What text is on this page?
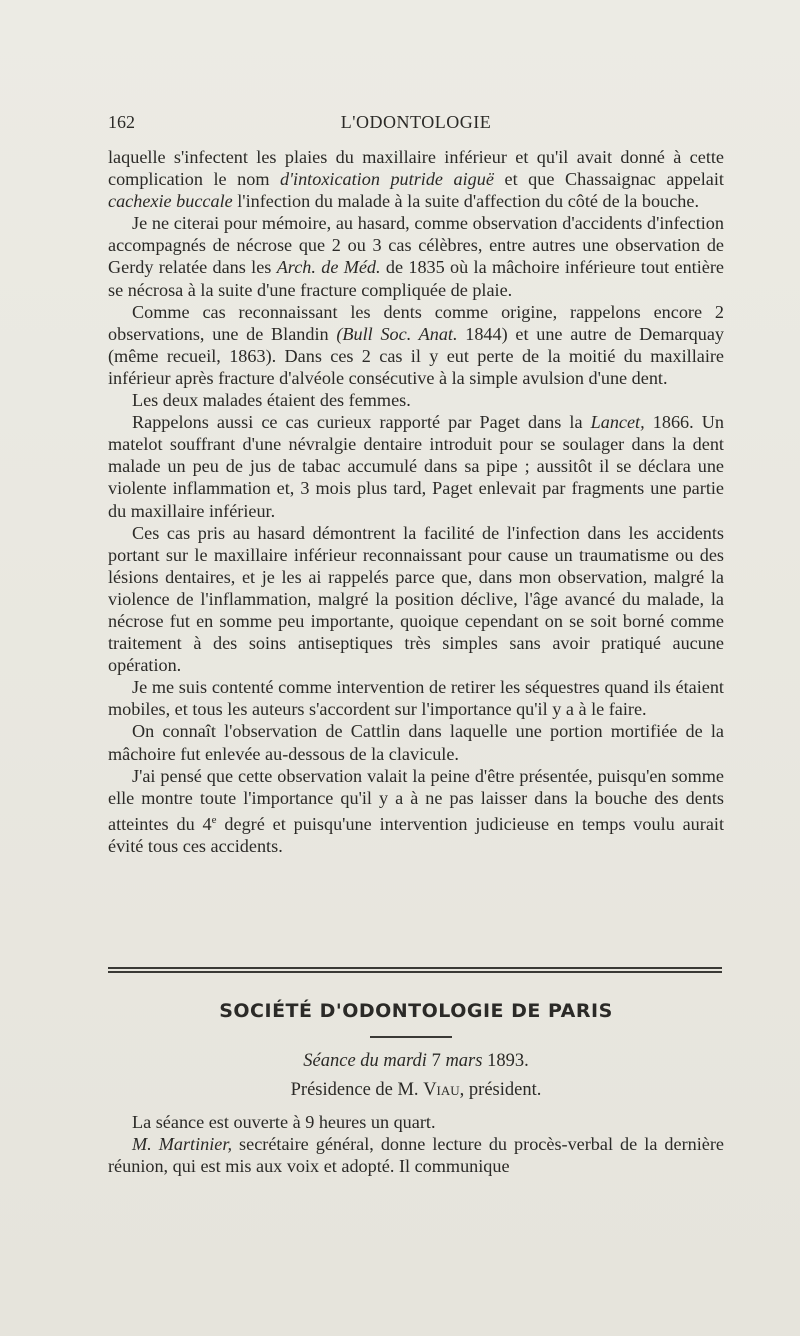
162	L'ODONTOLOGIE

laquelle s'infectent les plaies du maxillaire inférieur et qu'il avait donné à cette complication le nom d'intoxication putride aiguë et que Chassaignac appelait cachexie buccale l'infection du malade à la suite d'affection du côté de la bouche.

Je ne citerai pour mémoire, au hasard, comme observation d'accidents d'infection accompagnés de nécrose que 2 ou 3 cas célèbres, entre autres une observation de Gerdy relatée dans les Arch. de Méd. de 1835 où la mâchoire inférieure tout entière se nécrosa à la suite d'une fracture compliquée de plaie.

Comme cas reconnaissant les dents comme origine, rappelons encore 2 observations, une de Blandin (Bull Soc. Anat. 1844) et une autre de Demarquay (même recueil, 1863). Dans ces 2 cas il y eut perte de la moitié du maxillaire inférieur après fracture d'alvéole consécutive à la simple avulsion d'une dent.

Les deux malades étaient des femmes.

Rappelons aussi ce cas curieux rapporté par Paget dans la Lancet, 1866. Un matelot souffrant d'une névralgie dentaire introduit pour se soulager dans la dent malade un peu de jus de tabac accumulé dans sa pipe ; aussitôt il se déclara une violente inflammation et, 3 mois plus tard, Paget enlevait par fragments une partie du maxillaire inférieur.

Ces cas pris au hasard démontrent la facilité de l'infection dans les accidents portant sur le maxillaire inférieur reconnaissant pour cause un traumatisme ou des lésions dentaires, et je les ai rappelés parce que, dans mon observation, malgré la violence de l'inflammation, malgré la position déclive, l'âge avancé du malade, la nécrose fut en somme peu importante, quoique cependant on se soit borné comme traitement à des soins antiseptiques très simples sans avoir pratiqué aucune opération.

Je me suis contenté comme intervention de retirer les séquestres quand ils étaient mobiles, et tous les auteurs s'accordent sur l'importance qu'il y a à le faire.

On connaît l'observation de Cattlin dans laquelle une portion mortifiée de la mâchoire fut enlevée au-dessous de la clavicule.

J'ai pensé que cette observation valait la peine d'être présentée, puisqu'en somme elle montre toute l'importance qu'il y a à ne pas laisser dans la bouche des dents atteintes du 4e degré et puisqu'une intervention judicieuse en temps voulu aurait évité tous ces accidents.

SOCIÉTÉ D'ODONTOLOGIE DE PARIS
Séance du mardi 7 mars 1893.
Présidence de M. Viau, président.

La séance est ouverte à 9 heures un quart.

M. Martinier, secrétaire général, donne lecture du procès-verbal de la dernière réunion, qui est mis aux voix et adopté. Il communique
